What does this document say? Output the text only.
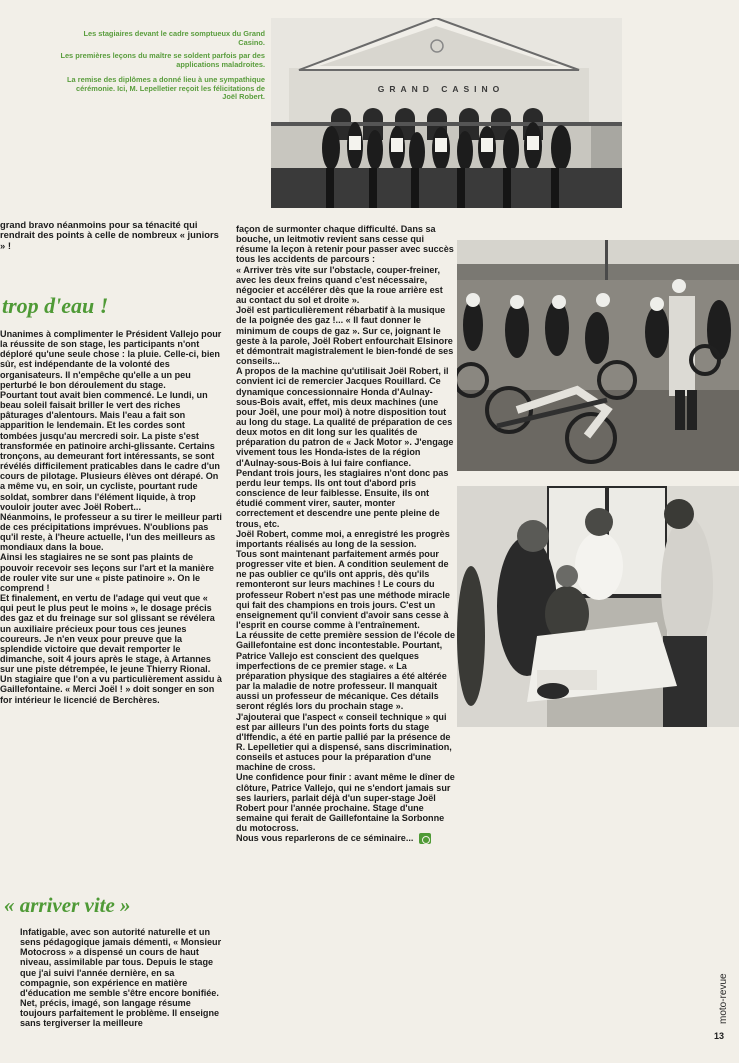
Les stagiaires devant le cadre somptueux du Grand Casino.
Les premières leçons du maître se soldent parfois par des applications maladroites.
La remise des diplômes a donné lieu à une sympathique cérémonie. Ici, M. Lepelletier reçoit les félicitations de Joël Robert.
GRAND CASINO
grand bravo néanmoins pour sa ténacité qui rendrait des points à celle de nombreux « juniors » !
trop d'eau !

Unanimes à complimenter le Président Vallejo pour la réussite de son stage, les participants n'ont déploré qu'une seule chose : la pluie. Celle-ci, bien sûr, est indépendante de la volonté des organisateurs. Il n'empêche qu'elle a un peu perturbé le bon déroulement du stage.

Pourtant tout avait bien commencé. Le lundi, un beau soleil faisait briller le vert des riches pâturages d'alentours. Mais l'eau a fait son apparition le lendemain. Et les cordes sont tombées jusqu'au mercredi soir. La piste s'est transformée en patinoire archi-glissante. Certains tronçons, au demeurant fort intéressants, se sont révélés difficilement praticables dans le cadre d'un cours de pilotage. Plusieurs élèves ont dérapé. On a même vu, en soir, un cycliste, pourtant rude soldat, sombrer dans l'élément liquide, à trop vouloir jouter avec Joël Robert...

Néanmoins, le professeur a su tirer le meilleur parti de ces précipitations imprévues. N'oublions pas qu'il reste, à l'heure actuelle, l'un des meilleurs as mondiaux dans la boue.

Ainsi les stagiaires ne se sont pas plaints de pouvoir recevoir ses leçons sur l'art et la manière de rouler vite sur une « piste patinoire ». On le comprend !

Et finalement, en vertu de l'adage qui veut que « qui peut le plus peut le moins », le dosage précis des gaz et du freinage sur sol glissant se révélera un auxiliaire précieux pour tous ces jeunes coureurs. Je n'en veux pour preuve que la splendide victoire que devait remporter le dimanche, soit 4 jours après le stage, à Artannes sur une piste détrempée, le jeune Thierry Rional. Un stagiaire que l'on a vu particulièrement assidu à Gaillefontaine. « Merci Joël ! » doit songer en son for intérieur le licencié de Berchères.

« arriver vite »
Infatigable, avec son autorité naturelle et un sens pédagogique jamais démenti, « Monsieur Motocross » a dispensé un cours de haut niveau, assimilable par tous. Depuis le stage que j'ai suivi l'année dernière, en sa compagnie, son expérience en matière d'éducation me semble s'être encore bonifiée. Net, précis, imagé, son langage résume toujours parfaitement le problème. Il enseigne sans tergiverser la meilleure

façon de surmonter chaque difficulté. Dans sa bouche, un leitmotiv revient sans cesse qui résume la leçon à retenir pour passer avec succès tous les accidents de parcours :

« Arriver très vite sur l'obstacle, couper-freiner, avec les deux freins quand c'est nécessaire, négocier et accélérer dès que la roue arrière est au contact du sol et droite ».

Joël est particulièrement rébarbatif à la musique de la poignée des gaz !... « Il faut donner le minimum de coups de gaz ». Sur ce, joignant le geste à la parole, Joël Robert enfourchait Elsinore et démontrait magistralement le bien-fondé de ses conseils...

A propos de la machine qu'utilisait Joël Robert, il convient ici de remercier Jacques Rouillard. Ce dynamique concessionnaire Honda d'Aulnay-sous-Bois avait, effet, mis deux machines (une pour Joël, une pour moi) à notre disposition tout au long du stage. La qualité de préparation de ces deux motos en dit long sur les qualités de préparation du patron de « Jack Motor ». J'engage vivement tous les Honda-istes de la région d'Aulnay-sous-Bois à lui faire confiance.

Pendant trois jours, les stagiaires n'ont donc pas perdu leur temps. Ils ont tout d'abord pris conscience de leur faiblesse. Ensuite, ils ont étudié comment virer, sauter, monter correctement et descendre une pente pleine de trous, etc.

Joël Robert, comme moi, a enregistré les progrès importants réalisés au long de la session.

Tous sont maintenant parfaitement armés pour progresser vite et bien. A condition seulement de ne pas oublier ce qu'ils ont appris, dès qu'ils remonteront sur leurs machines ! Le cours du professeur Robert n'est pas une méthode miracle qui fait des champions en trois jours. C'est un enseignement qu'il convient d'avoir sans cesse à l'esprit en course comme à l'entraînement.

La réussite de cette première session de l'école de Gaillefontaine est donc incontestable. Pourtant, Patrice Vallejo est conscient des quelques imperfections de ce premier stage. « La préparation physique des stagiaires a été altérée par la maladie de notre professeur. Il manquait aussi un professeur de mécanique. Ces détails seront réglés lors du prochain stage ».

J'ajouterai que l'aspect « conseil technique » qui est par ailleurs l'un des points forts du stage d'Iffendic, a été en partie pallié par la présence de R. Lepelletier qui a dispensé, sans discrimination, conseils et astuces pour la préparation d'une machine de cross.

Une confidence pour finir : avant même le dîner de clôture, Patrice Vallejo, qui ne s'endort jamais sur ses lauriers, parlait déjà d'un super-stage Joël Robert pour l'année prochaine. Stage d'une semaine qui ferait de Gaillefontaine la Sorbonne du motocross.

Nous vous reparlerons de ce séminaire...

moto-revue
13
